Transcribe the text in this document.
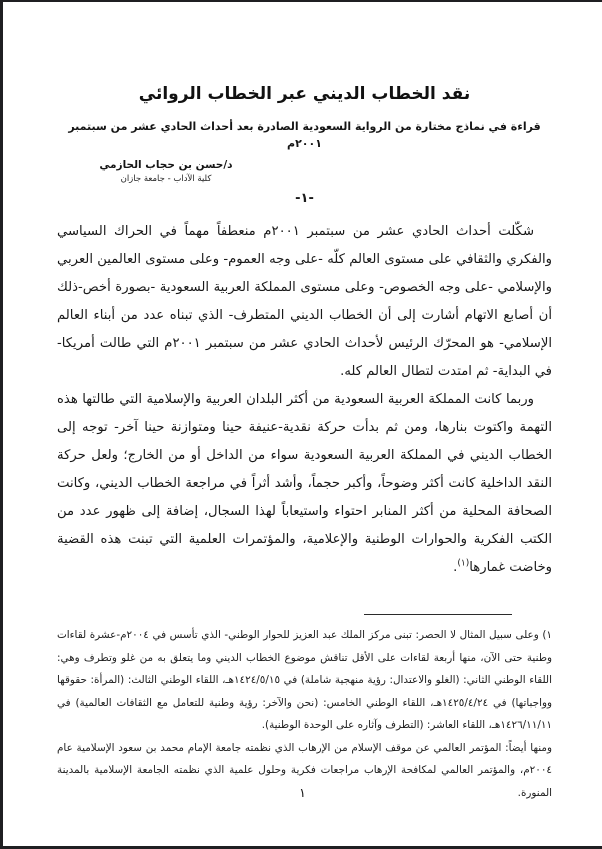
نقد الخطاب الديني عبر الخطاب الروائي
قراءة في نماذج مختارة من الرواية السعودية الصادرة بعد أحداث الحادي عشر من سبتمبر ٢٠٠١م
د/حسن بن حجاب الحازمي
كلية الآداب - جامعة جازان
-١-

شكّلت أحداث الحادي عشر من سبتمبر ٢٠٠١م منعطفاً مهماً في الحراك السياسي والفكري والثقافي على مستوى العالم كلّه -على وجه العموم- وعلى مستوى العالمين العربي والإسلامي -على وجه الخصوص- وعلى مستوى المملكة العربية السعودية -بصورة أخص-ذلك أن أصابع الاتهام أشارت إلى أن الخطاب الديني المتطرف- الذي تبناه عدد من أبناء العالم الإسلامي- هو المحرّك الرئيس لأحداث الحادي عشر من سبتمبر ٢٠٠١م التي طالت أمريكا- في البداية- ثم امتدت لتطال العالم كله.

وربما كانت المملكة العربية السعودية من أكثر البلدان العربية والإسلامية التي طالتها هذه التهمة واكتوت بنارها، ومن ثم بدأت حركة نقدية-عنيفة حينا ومتوازنة حينا آخر- توجه إلى الخطاب الديني في المملكة العربية السعودية سواء من الداخل أو من الخارج؛ ولعل حركة النقد الداخلية كانت أكثر وضوحاً، وأكبر حجماً، وأشد أثراً في مراجعة الخطاب الديني، وكانت الصحافة المحلية من أكثر المنابر احتواء واستيعاباً لهذا السجال، إضافة إلى ظهور عدد من الكتب الفكرية والحوارات الوطنية والإعلامية، والمؤتمرات العلمية التي تبنت هذه القضية وخاضت غمارها$^{(١)}$.

١) وعلى سبيل المثال لا الحصر: تبنى مركز الملك عبد العزيز للحوار الوطني- الذي تأسس في ٢٠٠٤م-عشرة لقاءات وطنية حتى الآن، منها أربعة لقاءات على الأقل تناقش موضوع الخطاب الديني وما يتعلق به من غلو وتطرف وهي: اللقاء الوطني الثاني: (الغلو والاعتدال: رؤية منهجية شاملة) في ١٤٢٤/٥/١٥هـ، اللقاء الوطني الثالث: (المرأة: حقوقها وواجباتها) في ١٤٢٥/٤/٢٤هـ، اللقاء الوطني الخامس: (نحن والآخر: رؤية وطنية للتعامل مع الثقافات العالمية) في ١٤٢٦/١١/١١هـ، اللقاء العاشر: (التطرف وآثاره على الوحدة الوطنية).

ومنها أيضاً: المؤتمر العالمي عن موقف الإسلام من الإرهاب الذي نظمته جامعة الإمام محمد بن سعود الإسلامية عام ٢٠٠٤م، والمؤتمر العالمي لمكافحة الإرهاب مراجعات فكرية وحلول علمية الذي نظمته الجامعة الإسلامية بالمدينة المنورة.

١
